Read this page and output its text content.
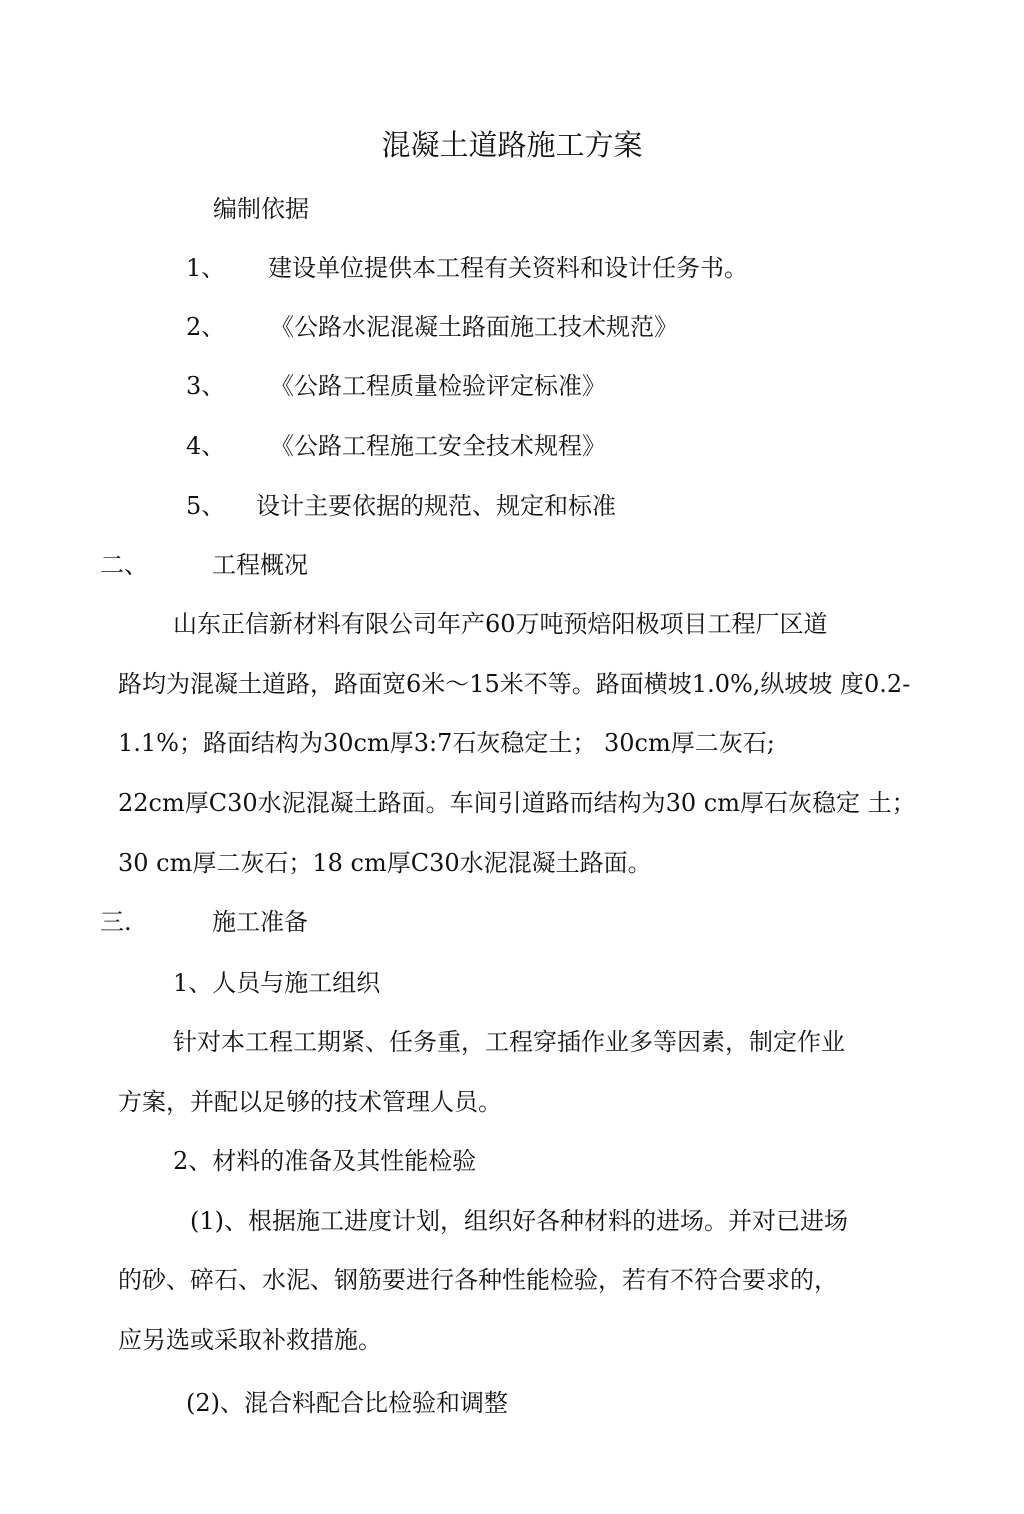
混凝土道路施工方案
编制依据
1、 建设单位提供本工程有关资料和设计任务书。
2、 《公路水泥混凝土路面施工技术规范》
3、 《公路工程质量检验评定标准》
4、 《公路工程施工安全技术规程》
5、 设计主要依据的规范、规定和标准
二、	工程概况
山东正信新材料有限公司年产60万吨预焙阳极项目工程厂区道
路均为混凝土道路，路面宽6米～15米不等。路面横坡1.0%,纵坡坡 度0.2-
1.1%；路面结构为30cm厚3:7石灰稳定土； 30cm厚二灰石;
22cm厚C30水泥混凝土路面。车间引道路而结构为30 cm厚石灰稳定 土；
30 cm厚二灰石；18 cm厚C30水泥混凝土路面。
三.	施工准备
1、人员与施工组织
针对本工程工期紧、任务重，工程穿插作业多等因素，制定作业
方案，并配以足够的技术管理人员。
2、材料的准备及其性能检验
(1)、根据施工进度计划，组织好各种材料的进场。并对已进场
的砂、碎石、水泥、钢筋要进行各种性能检验，若有不符合要求的，
应另选或采取补救措施。
(2)、混合料配合比检验和调整
